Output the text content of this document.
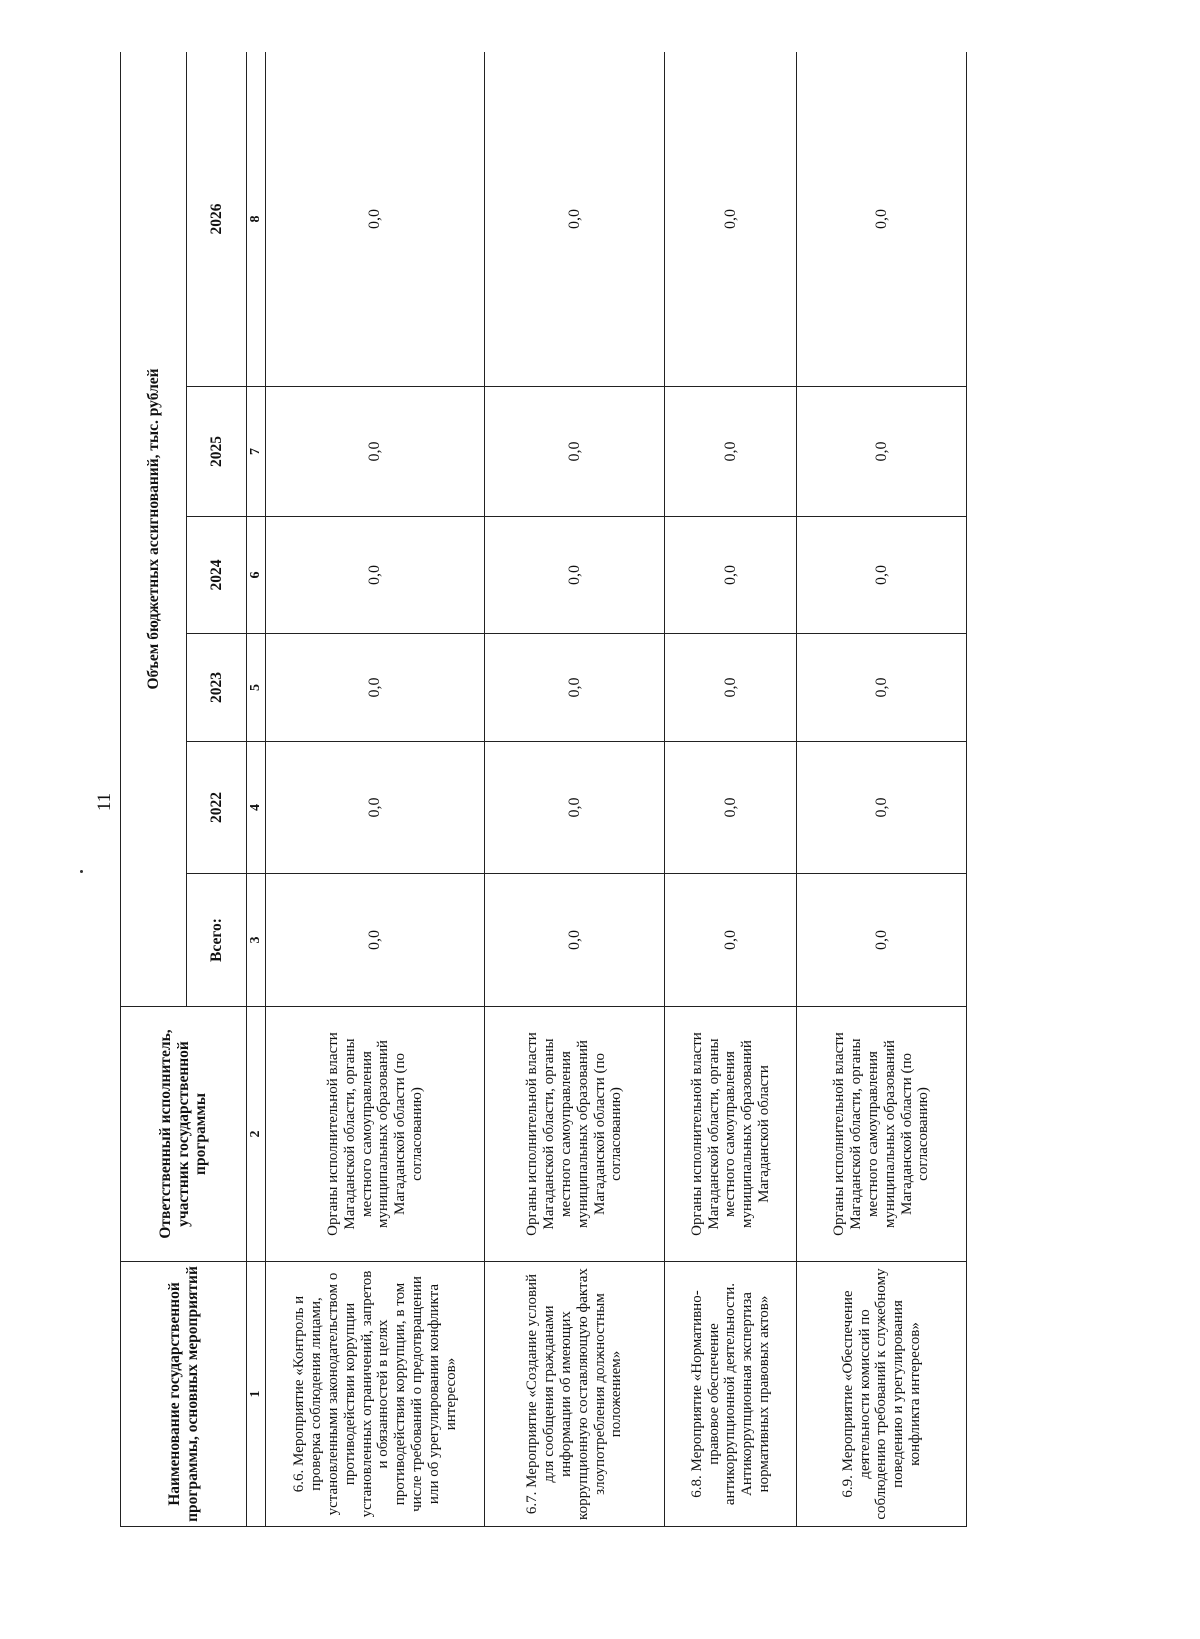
11
Наименование государственной программы, основных мероприятий	Ответственный исполнитель, участник государственной программы	Объем бюджетных ассигнований, тыс. рублей					
		Всего:	2022	2023	2024	2025	2026
1	2	3	4	5	6	7	8
6.6. Мероприятие «Контроль и проверка соблюдения лицами, установленными законодательством о противодействии коррупции установленных ограничений, запретов и обязанностей в целях противодействия коррупции, в том числе требований о предотвращении или об урегулировании конфликта интересов»	Органы исполнительной власти Магаданской области, органы местного самоуправления муниципальных образований Магаданской области (по согласованию)	0,0	0,0	0,0	0,0	0,0	0,0
6.7. Мероприятие «Создание условий для сообщения гражданами информации об имеющих коррупционную составляющую фактах злоупотребления должностным положением»	Органы исполнительной власти Магаданской области, органы местного самоуправления муниципальных образований Магаданской области (по согласованию)	0,0	0,0	0,0	0,0	0,0	0,0
6.8. Мероприятие «Нормативно-правовое обеспечение антикоррупционной деятельности. Антикоррупционная экспертиза нормативных правовых актов»	Органы исполнительной власти Магаданской области, органы местного самоуправления муниципальных образований Магаданской области	0,0	0,0	0,0	0,0	0,0	0,0
6.9. Мероприятие «Обеспечение деятельности комиссий по соблюдению требований к служебному поведению и урегулирования конфликта интересов»	Органы исполнительной власти Магаданской области, органы местного самоуправления муниципальных образований Магаданской области (по согласованию)	0,0	0,0	0,0	0,0	0,0	0,0
